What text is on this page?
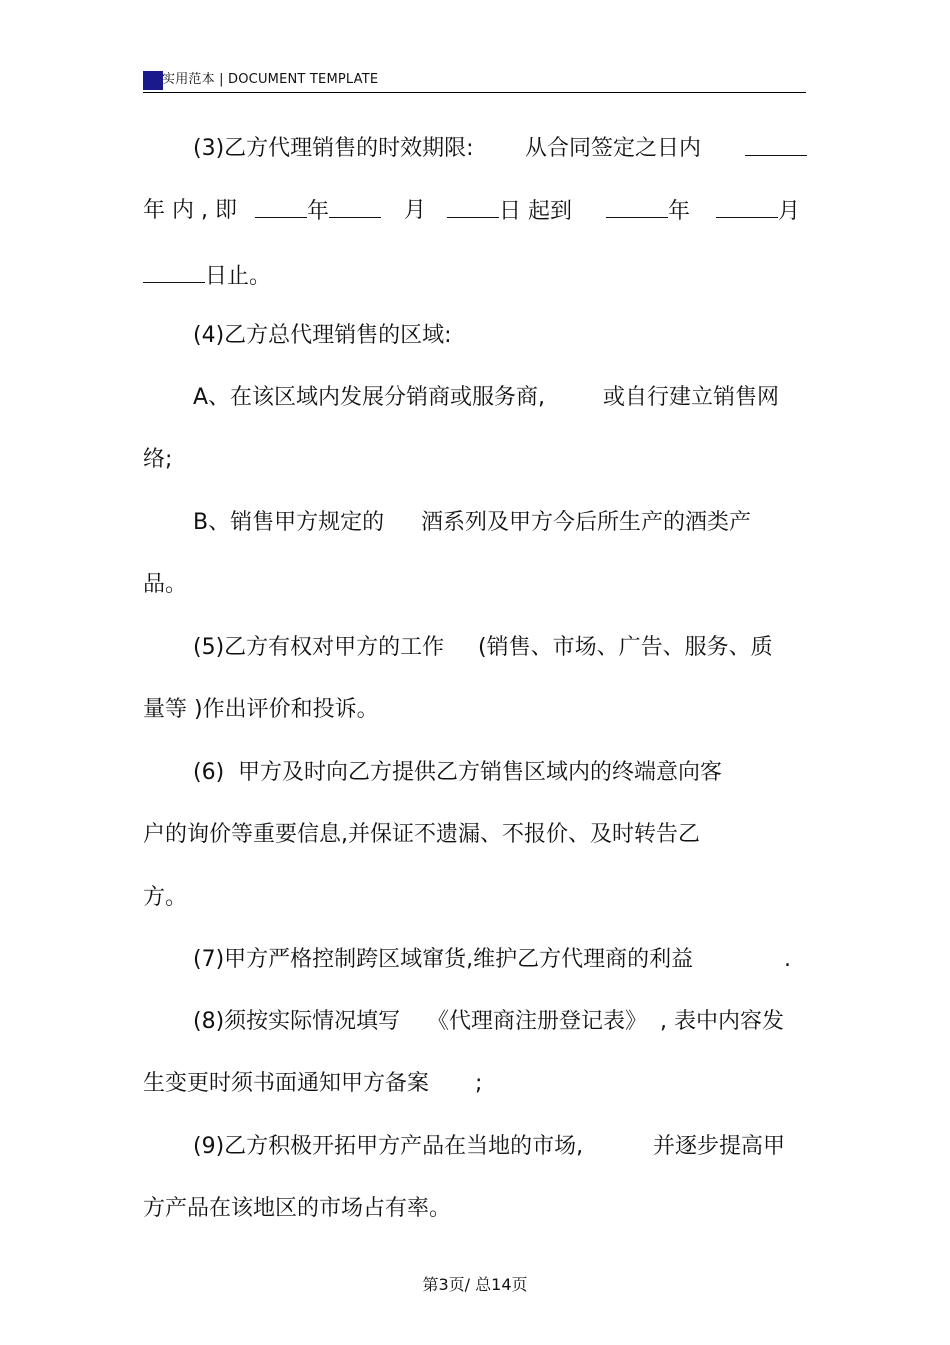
实用范本 | DOCUMENT TEMPLATE
(3)乙方代理销售的时效期限: 从合同签定之日内
年 内 , 即	年	月	日 起到	年	月
日止。
(4)乙方总代理销售的区域:
A、在该区域内发展分销商或服务商,	或自行建立销售网
络;
B、销售甲方规定的 酒系列及甲方今后所生产的酒类产
品。
(5)乙方有权对甲方的工作 (销售、市场、广告、服务、质
量等 )作出评价和投诉。
(6) 甲方及时向乙方提供乙方销售区域内的终端意向客
户的询价等重要信息,并保证不遗漏、不报价、及时转告乙
方。
(7)甲方严格控制跨区域窜货,维护乙方代理商的利益	.
(8)须按实际情况填写 《代理商注册登记表》 , 表中内容发
生变更时须书面通知甲方备案 ;
(9)乙方积极开拓甲方产品在当地的市场,	并逐步提高甲
方产品在该地区的市场占有率。
第3页/ 总14页
